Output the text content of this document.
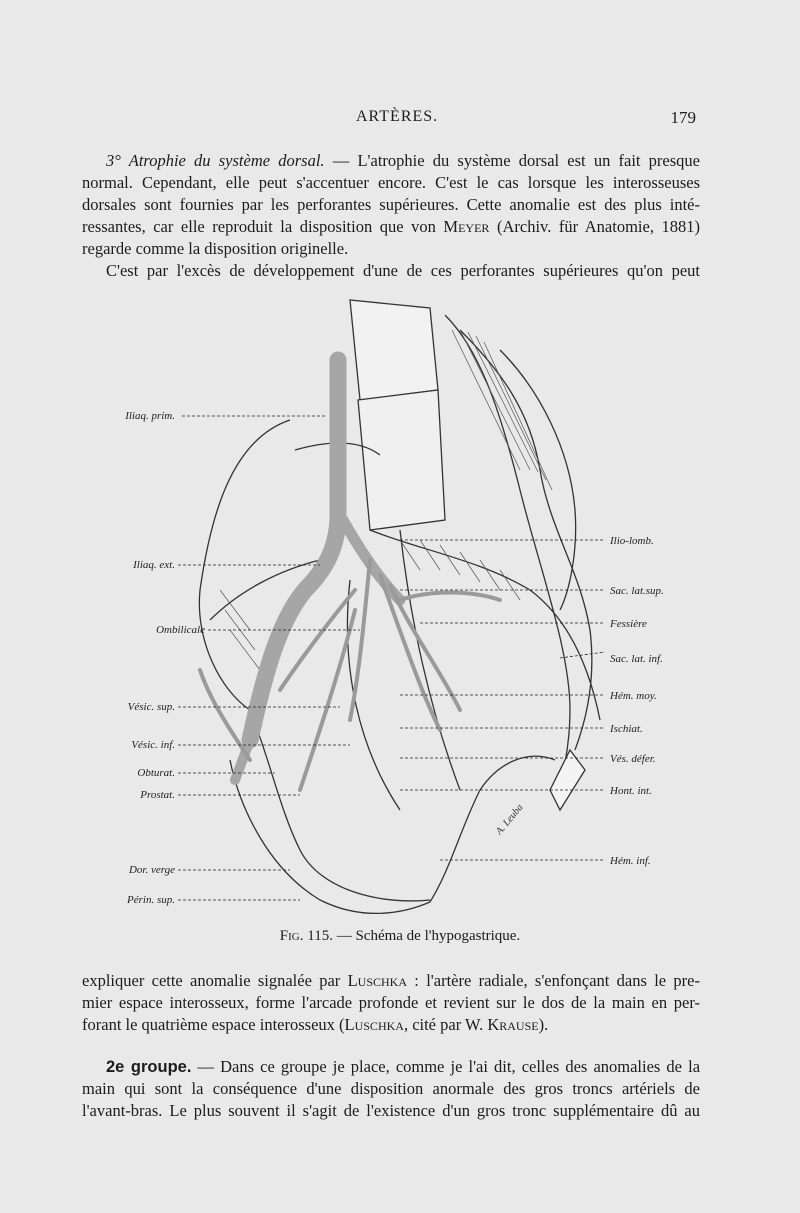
ARTÈRES.	179
3° Atrophie du système dorsal. — L'atrophie du système dorsal est un fait presque
normal. Cependant, elle peut s'accentuer encore. C'est le cas lorsque les interosseuses
dorsales sont fournies par les perforantes supérieures. Cette anomalie est des plus inté-
ressantes, car elle reproduit la disposition que von Meyer (Archiv. für Anatomie, 1881)
regarde comme la disposition originelle.
C'est par l'excès de développement d'une de ces perforantes supérieures qu'on peut
Iliaq. prim.
Iliaq. ext.
Ombilicale
Vésic. sup.
Vésic. inf.
Obturat.
Prostat.
Dor. verge
Périn. sup.
Ilio-lomb.
Sac. lat.sup.
Fessière
Sac. lat. inf.
Hém. moy.
Ischiat.
Vés. défer.
Hont. int.
Hém. inf.
A. Leuba
Fig. 115. — Schéma de l'hypogastrique.
expliquer cette anomalie signalée par Luschka : l'artère radiale, s'enfonçant dans le pre-
mier espace interosseux, forme l'arcade profonde et revient sur le dos de la main en per-
forant le quatrième espace interosseux (Luschka, cité par W. Krause).
2e groupe. — Dans ce groupe je place, comme je l'ai dit, celles des anomalies de la
main qui sont la conséquence d'une disposition anormale des gros troncs artériels de
l'avant-bras. Le plus souvent il s'agit de l'existence d'un gros tronc supplémentaire dû au
